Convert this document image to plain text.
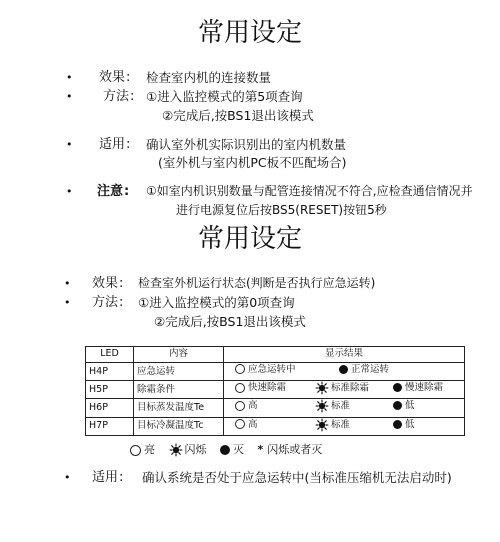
常用设定
• 效果: 检查室内机的连接数量
• 方法: ①进入监控模式的第5项查询
②完成后,按BS1退出该模式
• 适用: 确认室外机实际识别出的室内机数量
(室外机与室内机PC板不匹配场合)
• 注意: ①如室内机识别数量与配管连接情况不符合,应检查通信情况并
进行电源复位后按BS5(RESET)按钮5秒
常用设定
• 效果: 检查室外机运行状态(判断是否执行应急运转)
• 方法: ①进入监控模式的第0项查询
②完成后,按BS1退出该模式
LED	内容	显示结果
H4P	应急运转	应急运转中 正常运转

H5P	除霜条件	快速除霜 标准除霜 慢速除霜

H6P	目标蒸发温度Te	高 标准 低

H7P	目标冷凝温度Tc	高 标准 低
亮	闪烁 灭 * 闪烁或者灭
• 适用: 确认系统是否处于应急运转中(当标准压缩机无法启动时)
